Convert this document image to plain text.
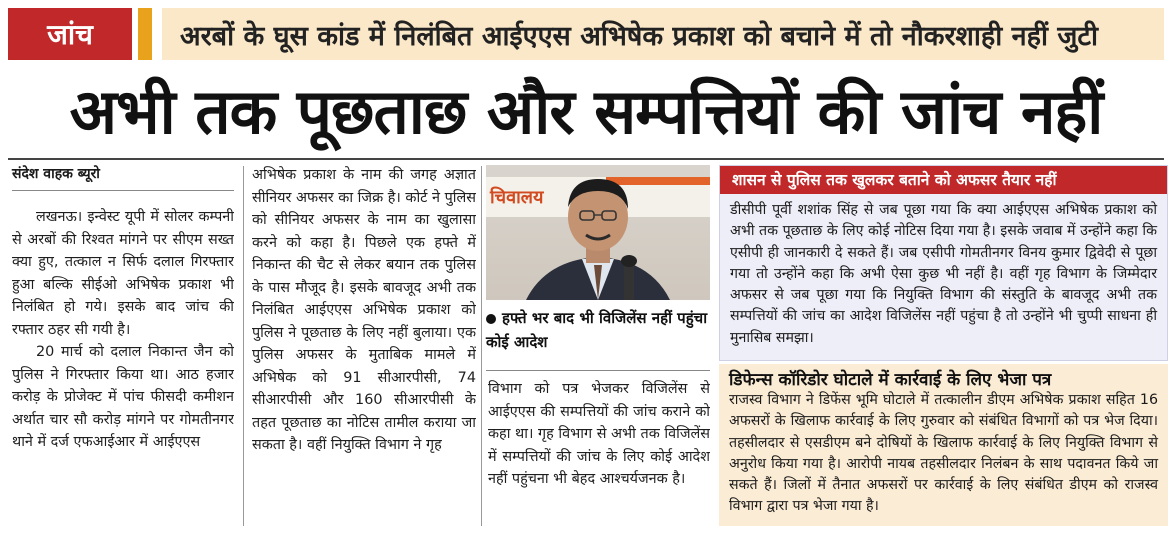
जांच	अरबों के घूस कांड में निलंबित आईएएस अभिषेक प्रकाश को बचाने में तो नौकरशाही नहीं जुटी
अभी तक पूछताछ और सम्पत्तियों की जांच नहीं
संदेश वाहक ब्यूरो

लखनऊ। इन्वेस्ट यूपी में सोलर कम्पनी से अरबों की रिश्वत मांगने पर सीएम सख्त क्या हुए, तत्काल न सिर्फ दलाल गिरफ्तार हुआ बल्कि सीईओ अभिषेक प्रकाश भी निलंबित हो गये। इसके बाद जांच की रफ्तार ठहर सी गयी है।

20 मार्च को दलाल निकान्त जैन को पुलिस ने गिरफ्तार किया था। आठ हजार करोड़ के प्रोजेक्ट में पांच फीसदी कमीशन अर्थात चार सौ करोड़ मांगने पर गोमतीनगर थाने में दर्ज एफआईआर में आईएएस

अभिषेक प्रकाश के नाम की जगह अज्ञात सीनियर अफसर का जिक्र है। कोर्ट ने पुलिस को सीनियर अफसर के नाम का खुलासा करने को कहा है। पिछले एक हफ्ते में निकान्त की चैट से लेकर बयान तक पुलिस के पास मौजूद है। इसके बावजूद अभी तक निलंबित आईएएस अभिषेक प्रकाश को पुलिस ने पूछताछ के लिए नहीं बुलाया। एक पुलिस अफसर के मुताबिक मामले में अभिषेक को 91 सीआरपीसी, 74 सीआरपीसी और 160 सीआरपीसी के तहत पूछताछ का नोटिस तामील कराया जा सकता है। वहीं नियुक्ति विभाग ने गृह

चिवालय
हफ्ते भर बाद भी विजिलेंस नहीं पहुंचा कोई आदेश

विभाग को पत्र भेजकर विजिलेंस से आईएएस की सम्पत्तियों की जांच कराने को कहा था। गृह विभाग से अभी तक विजिलेंस में सम्पत्तियों की जांच के लिए कोई आदेश नहीं पहुंचना भी बेहद आश्चर्यजनक है।

शासन से पुलिस तक खुलकर बताने को अफसर तैयार नहीं
डीसीपी पूर्वी शशांक सिंह से जब पूछा गया कि क्या आईएएस अभिषेक प्रकाश को अभी तक पूछताछ के लिए कोई नोटिस दिया गया है। इसके जवाब में उन्होंने कहा कि एसीपी ही जानकारी दे सकते हैं। जब एसीपी गोमतीनगर विनय कुमार द्विवेदी से पूछा गया तो उन्होंने कहा कि अभी ऐसा कुछ भी नहीं है। वहीं गृह विभाग के जिम्मेदार अफसर से जब पूछा गया कि नियुक्ति विभाग की संस्तुति के बावजूद अभी तक सम्पत्तियों की जांच का आदेश विजिलेंस नहीं पहुंचा है तो उन्होंने भी चुप्पी साधना ही मुनासिब समझा।
डिफेन्स कॉरिडोर घोटाले में कार्रवाई के लिए भेजा पत्र
राजस्व विभाग ने डिफेंस भूमि घोटाले में तत्कालीन डीएम अभिषेक प्रकाश सहित 16 अफसरों के खिलाफ कार्रवाई के लिए गुरुवार को संबंधित विभागों को पत्र भेज दिया। तहसीलदार से एसडीएम बने दोषियों के खिलाफ कार्रवाई के लिए नियुक्ति विभाग से अनुरोध किया गया है। आरोपी नायब तहसीलदार निलंबन के साथ पदावनत किये जा सकते हैं। जिलों में तैनात अफसरों पर कार्रवाई के लिए संबंधित डीएम को राजस्व विभाग द्वारा पत्र भेजा गया है।
